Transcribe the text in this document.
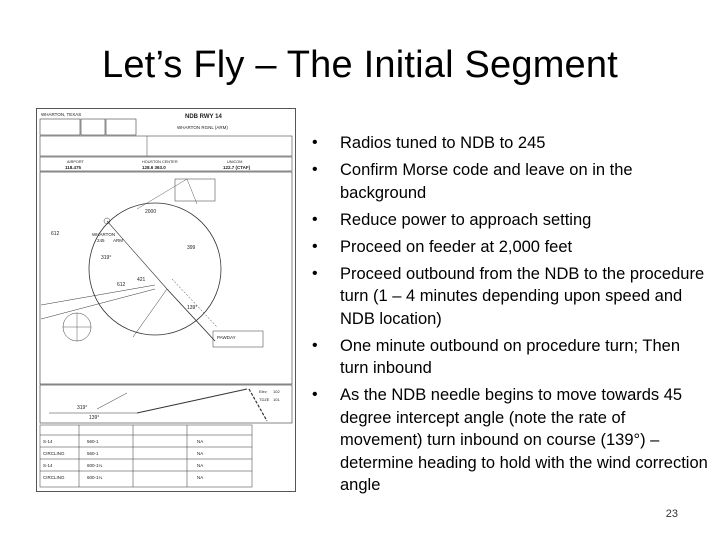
Let’s Fly – The Initial Segment
WHARTON, TEXAS	NDB RWY 14
WHARTON RGNL (ARM)
AIRPORT
118.475
HOUSTON CENTER
128.6 363.0
UNICOM
122.7 (CTAF)
WHARTON
245 ARM
612
612
421
399
PAWDAY
319°
139°
2000
319°
139°
Elev 102
TDZE 101
S-14
CIRCLING
560-1
560-1
S-14
CIRCLING
600-1¼
600-1¼
NA
NA
NA
NA
• Radios tuned to NDB to 245
• Confirm Morse code and leave on in the background
• Reduce power to approach setting
• Proceed on feeder at 2,000 feet
• Proceed outbound from the NDB to the procedure turn (1 – 4 minutes depending upon speed and NDB location)
• One minute outbound on procedure turn; Then turn inbound
• As the NDB needle begins to move towards 45 degree intercept angle (note the rate of movement) turn inbound on course (139°) – determine heading to hold with the wind correction angle
23
